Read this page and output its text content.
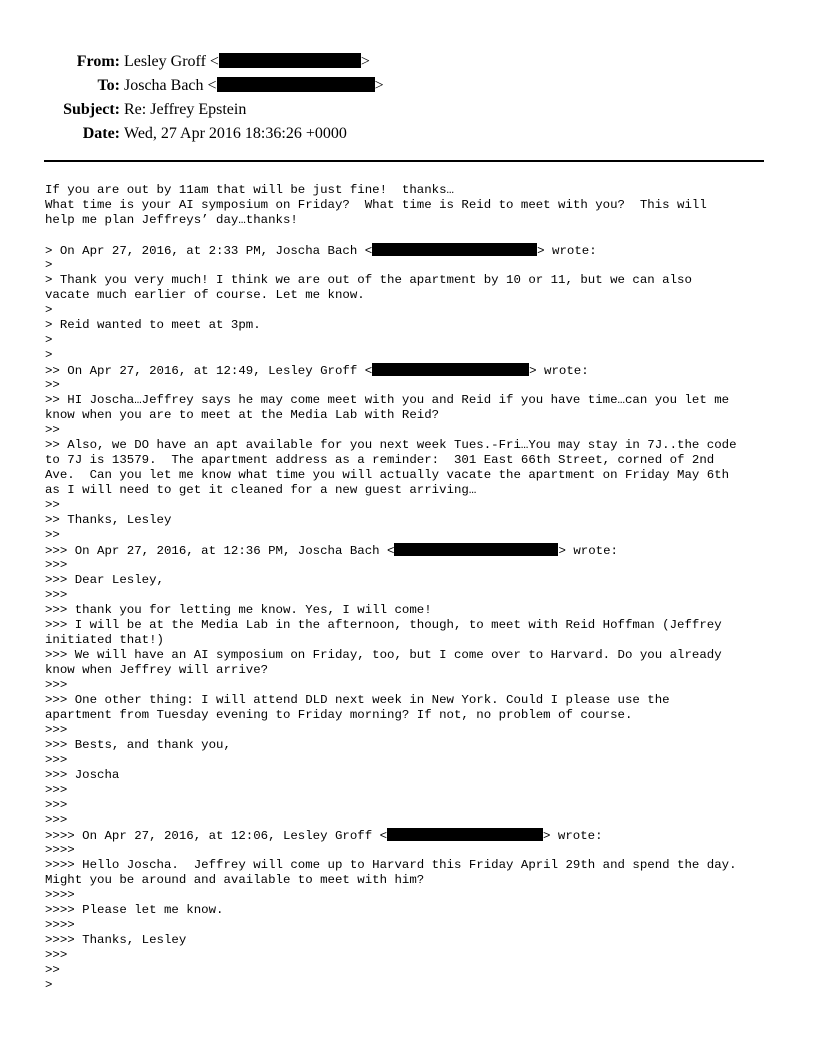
From: Lesley Groff <	>
To: Joscha Bach <	>
Subject: Re: Jeffrey Epstein
Date: Wed, 27 Apr 2016 18:36:26 +0000
If you are out by 11am that will be just fine!  thanks…
What time is your AI symposium on Friday?  What time is Reid to meet with you?  This will
help me plan Jeffreys’ day…thanks!
> On Apr 27, 2016, at 2:33 PM, Joscha Bach <	> wrote:
>
> Thank you very much! I think we are out of the apartment by 10 or 11, but we can also
vacate much earlier of course. Let me know.
>
> Reid wanted to meet at 3pm.
>
>
>> On Apr 27, 2016, at 12:49, Lesley Groff <	> wrote:
>>
>> HI Joscha…Jeffrey says he may come meet with you and Reid if you have time…can you let me
know when you are to meet at the Media Lab with Reid?
>>
>> Also, we DO have an apt available for you next week Tues.-Fri…You may stay in 7J..the code
to 7J is 13579.  The apartment address as a reminder:  301 East 66th Street, corned of 2nd
Ave.  Can you let me know what time you will actually vacate the apartment on Friday May 6th
as I will need to get it cleaned for a new guest arriving…
>>
>> Thanks, Lesley
>>
>>> On Apr 27, 2016, at 12:36 PM, Joscha Bach <	> wrote:
>>>
>>> Dear Lesley,
>>>
>>> thank you for letting me know. Yes, I will come!
>>> I will be at the Media Lab in the afternoon, though, to meet with Reid Hoffman (Jeffrey
initiated that!)
>>> We will have an AI symposium on Friday, too, but I come over to Harvard. Do you already
know when Jeffrey will arrive?
>>>
>>> One other thing: I will attend DLD next week in New York. Could I please use the
apartment from Tuesday evening to Friday morning? If not, no problem of course.
>>>
>>> Bests, and thank you,
>>>
>>> Joscha
>>>
>>>
>>>
>>>> On Apr 27, 2016, at 12:06, Lesley Groff <	> wrote:
>>>>
>>>> Hello Joscha.  Jeffrey will come up to Harvard this Friday April 29th and spend the day.
Might you be around and available to meet with him?
>>>>
>>>> Please let me know.
>>>>
>>>> Thanks, Lesley
>>>
>>
>
